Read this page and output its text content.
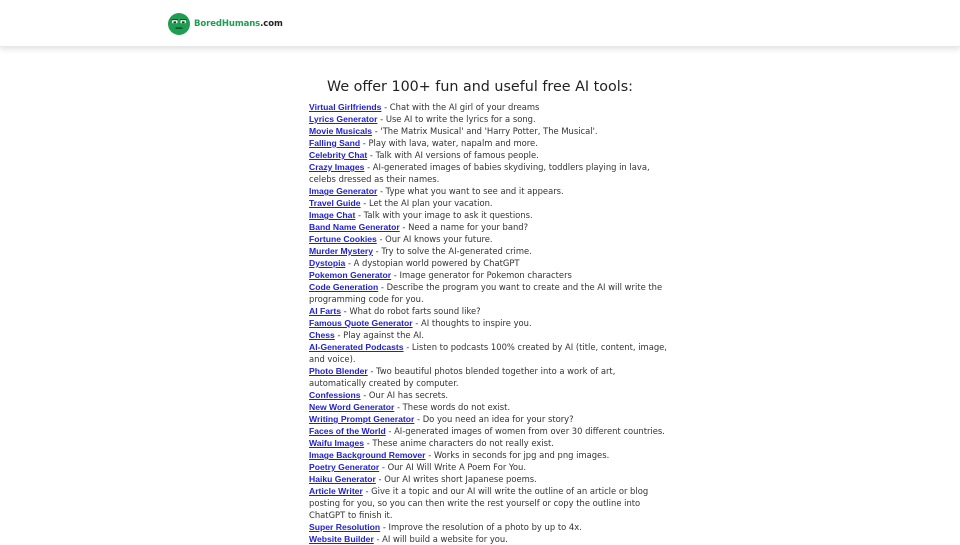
BoredHumans.com
We offer 100+ fun and useful free AI tools:
Virtual Girlfriends - Chat with the AI girl of your dreams
Lyrics Generator - Use AI to write the lyrics for a song.
Movie Musicals - 'The Matrix Musical' and 'Harry Potter, The Musical'.
Falling Sand - Play with lava, water, napalm and more.
Celebrity Chat - Talk with AI versions of famous people.
Crazy Images - AI-generated images of babies skydiving, toddlers playing in lava, celebs dressed as their names.
Image Generator - Type what you want to see and it appears.
Travel Guide - Let the AI plan your vacation.
Image Chat - Talk with your image to ask it questions.
Band Name Generator - Need a name for your band?
Fortune Cookies - Our AI knows your future.
Murder Mystery - Try to solve the AI-generated crime.
Dystopia - A dystopian world powered by ChatGPT
Pokemon Generator - Image generator for Pokemon characters
Code Generation - Describe the program you want to create and the AI will write the programming code for you.
AI Farts - What do robot farts sound like?
Famous Quote Generator - AI thoughts to inspire you.
Chess - Play against the AI.
AI-Generated Podcasts - Listen to podcasts 100% created by AI (title, content, image, and voice).
Photo Blender - Two beautiful photos blended together into a work of art, automatically created by computer.
Confessions - Our AI has secrets.
New Word Generator - These words do not exist.
Writing Prompt Generator - Do you need an idea for your story?
Faces of the World - AI-generated images of women from over 30 different countries.
Waifu Images - These anime characters do not really exist.
Image Background Remover - Works in seconds for jpg and png images.
Poetry Generator - Our AI Will Write A Poem For You.
Haiku Generator - Our AI writes short Japanese poems.
Article Writer - Give it a topic and our AI will write the outline of an article or blog posting for you, so you can then write the rest yourself or copy the outline into ChatGPT to finish it.
Super Resolution - Improve the resolution of a photo by up to 4x.
Website Builder - AI will build a website for you.
